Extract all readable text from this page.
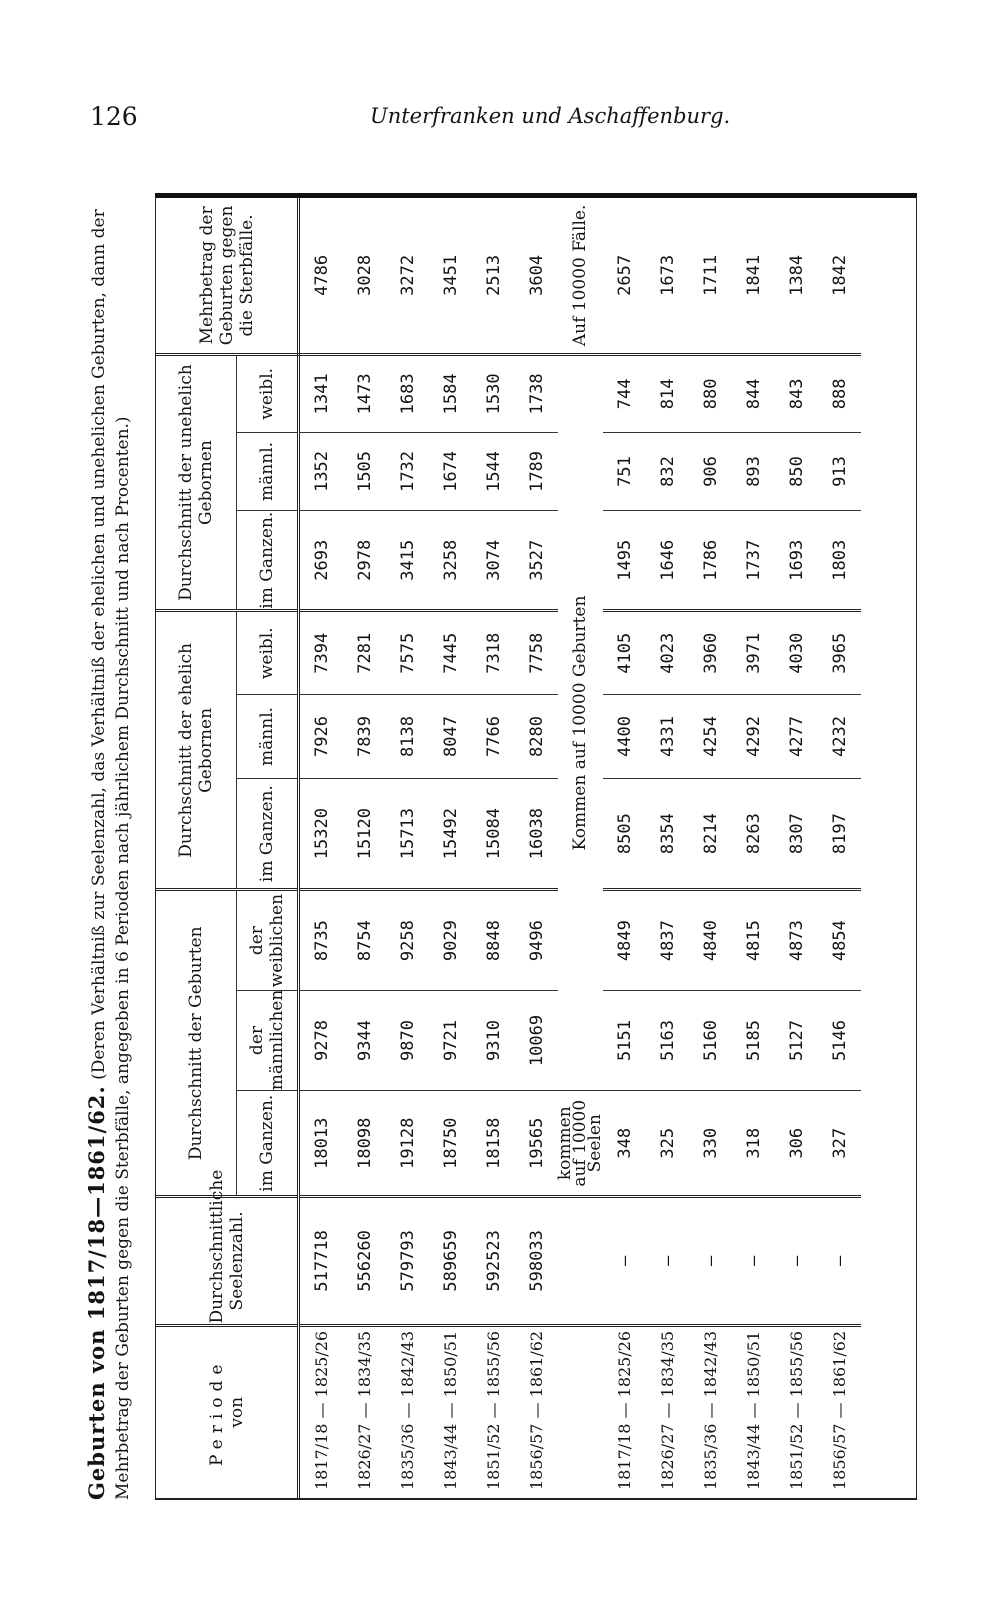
126	Unterfranken und Aschaffenburg.
Geburten von 1817/18—1861/62. (Deren Verhältniß zur Seelenzahl, das Verhältniß der ehelichen und unehelichen Geburten, dann der Mehrbetrag der Geburten gegen die Sterbfälle, angegeben in 6 Perioden nach jährlichem Durchschnitt und nach Procenten.)	Periode von	Durchschnittliche Seelenzahl.	Durchschnitt der Geburten			Durchschnitt der ehelich Gebornen			Durchschnitt der unehelich Gebornen			Mehrbetrag der Geburten gegen die Sterbfälle.
		im Ganzen.	der männlichen	der weiblichen	im Ganzen.	männl.	weibl.	im Ganzen.	männl.	weibl.	
1817/18 — 1825/26	517718	18013	9278	8735	15320	7926	7394	2693	1352	1341	4786
1826/27 — 1834/35	556260	18098	9344	8754	15120	7839	7281	2978	1505	1473	3028
1835/36 — 1842/43	579793	19128	9870	9258	15713	8138	7575	3415	1732	1683	3272
1843/44 — 1850/51	589659	18750	9721	9029	15492	8047	7445	3258	1674	1584	3451
1851/52 — 1855/56	592523	18158	9310	8848	15084	7766	7318	3074	1544	1530	2513
1856/57 — 1861/62	598033	19565	10069	9496	16038	8280	7758	3527	1789	1738	3604
		kommen auf 10000 Seelen	Kommen auf 10000 Geburten								Auf 10000 Fälle.
1817/18 — 1825/26	—	348	5151	4849	8505	4400	4105	1495	751	744	2657
1826/27 — 1834/35	—	325	5163	4837	8354	4331	4023	1646	832	814	1673
1835/36 — 1842/43	—	330	5160	4840	8214	4254	3960	1786	906	880	1711
1843/44 — 1850/51	—	318	5185	4815	8263	4292	3971	1737	893	844	1841
1851/52 — 1855/56	—	306	5127	4873	8307	4277	4030	1693	850	843	1384
1856/57 — 1861/62	—	327	5146	4854	8197	4232	3965	1803	913	888	1842
